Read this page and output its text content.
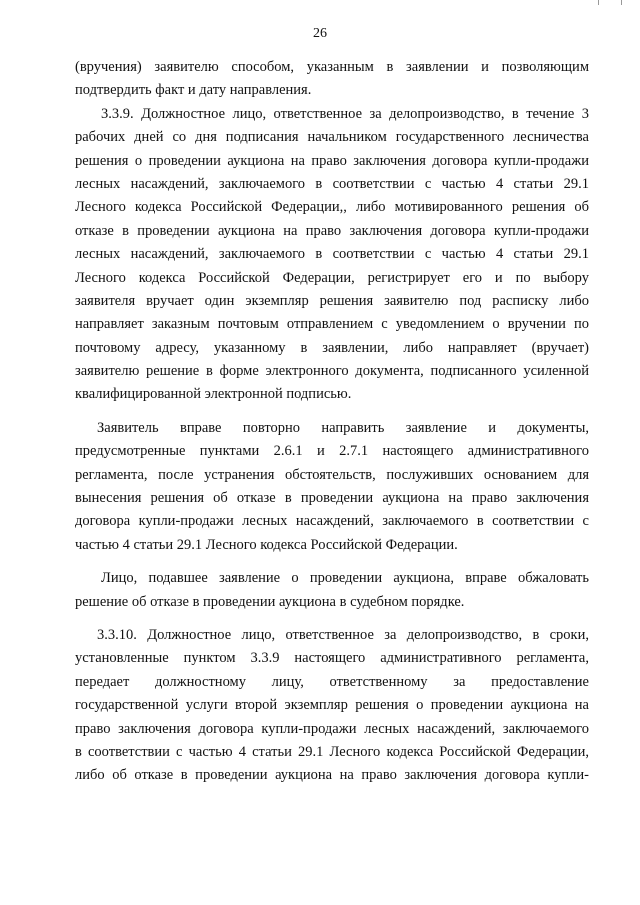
26
(вручения) заявителю способом, указанным в заявлении и позволяющим
подтвердить факт и дату направления.
3.3.9. Должностное лицо, ответственное за делопроизводство, в течение 3
рабочих дней со дня подписания начальником государственного лесничества
решения о проведении аукциона на право заключения договора купли-продажи
лесных насаждений, заключаемого в соответствии с частью 4 статьи 29.1
Лесного кодекса Российской Федерации,, либо мотивированного решения об
отказе в проведении аукциона на право заключения договора купли-продажи
лесных насаждений, заключаемого в соответствии с частью 4 статьи 29.1
Лесного кодекса Российской Федерации, регистрирует его и по выбору
заявителя вручает один экземпляр решения заявителю под расписку либо
направляет заказным почтовым отправлением с уведомлением о вручении по
почтовому адресу, указанному в заявлении, либо направляет (вручает)
заявителю решение в форме электронного документа, подписанного усиленной
квалифицированной электронной подписью.
Заявитель вправе повторно направить заявление и документы,
предусмотренные пунктами 2.6.1 и 2.7.1 настоящего административного
регламента, после устранения обстоятельств, послуживших основанием для
вынесения решения об отказе в проведении аукциона на право заключения
договора купли-продажи лесных насаждений, заключаемого в соответствии с
частью 4 статьи 29.1 Лесного кодекса Российской Федерации.
Лицо, подавшее заявление о проведении аукциона, вправе обжаловать
решение об отказе в проведении аукциона в судебном порядке.
3.3.10. Должностное лицо, ответственное за делопроизводство, в сроки,
установленные пунктом 3.3.9 настоящего административного регламента,
передает должностному лицу, ответственному за предоставление
государственной услуги второй экземпляр решения о проведении аукциона на
право заключения договора купли-продажи лесных насаждений, заключаемого
в соответствии с частью 4 статьи 29.1 Лесного кодекса Российской Федерации,
либо об отказе в проведении аукциона на право заключения договора купли-
